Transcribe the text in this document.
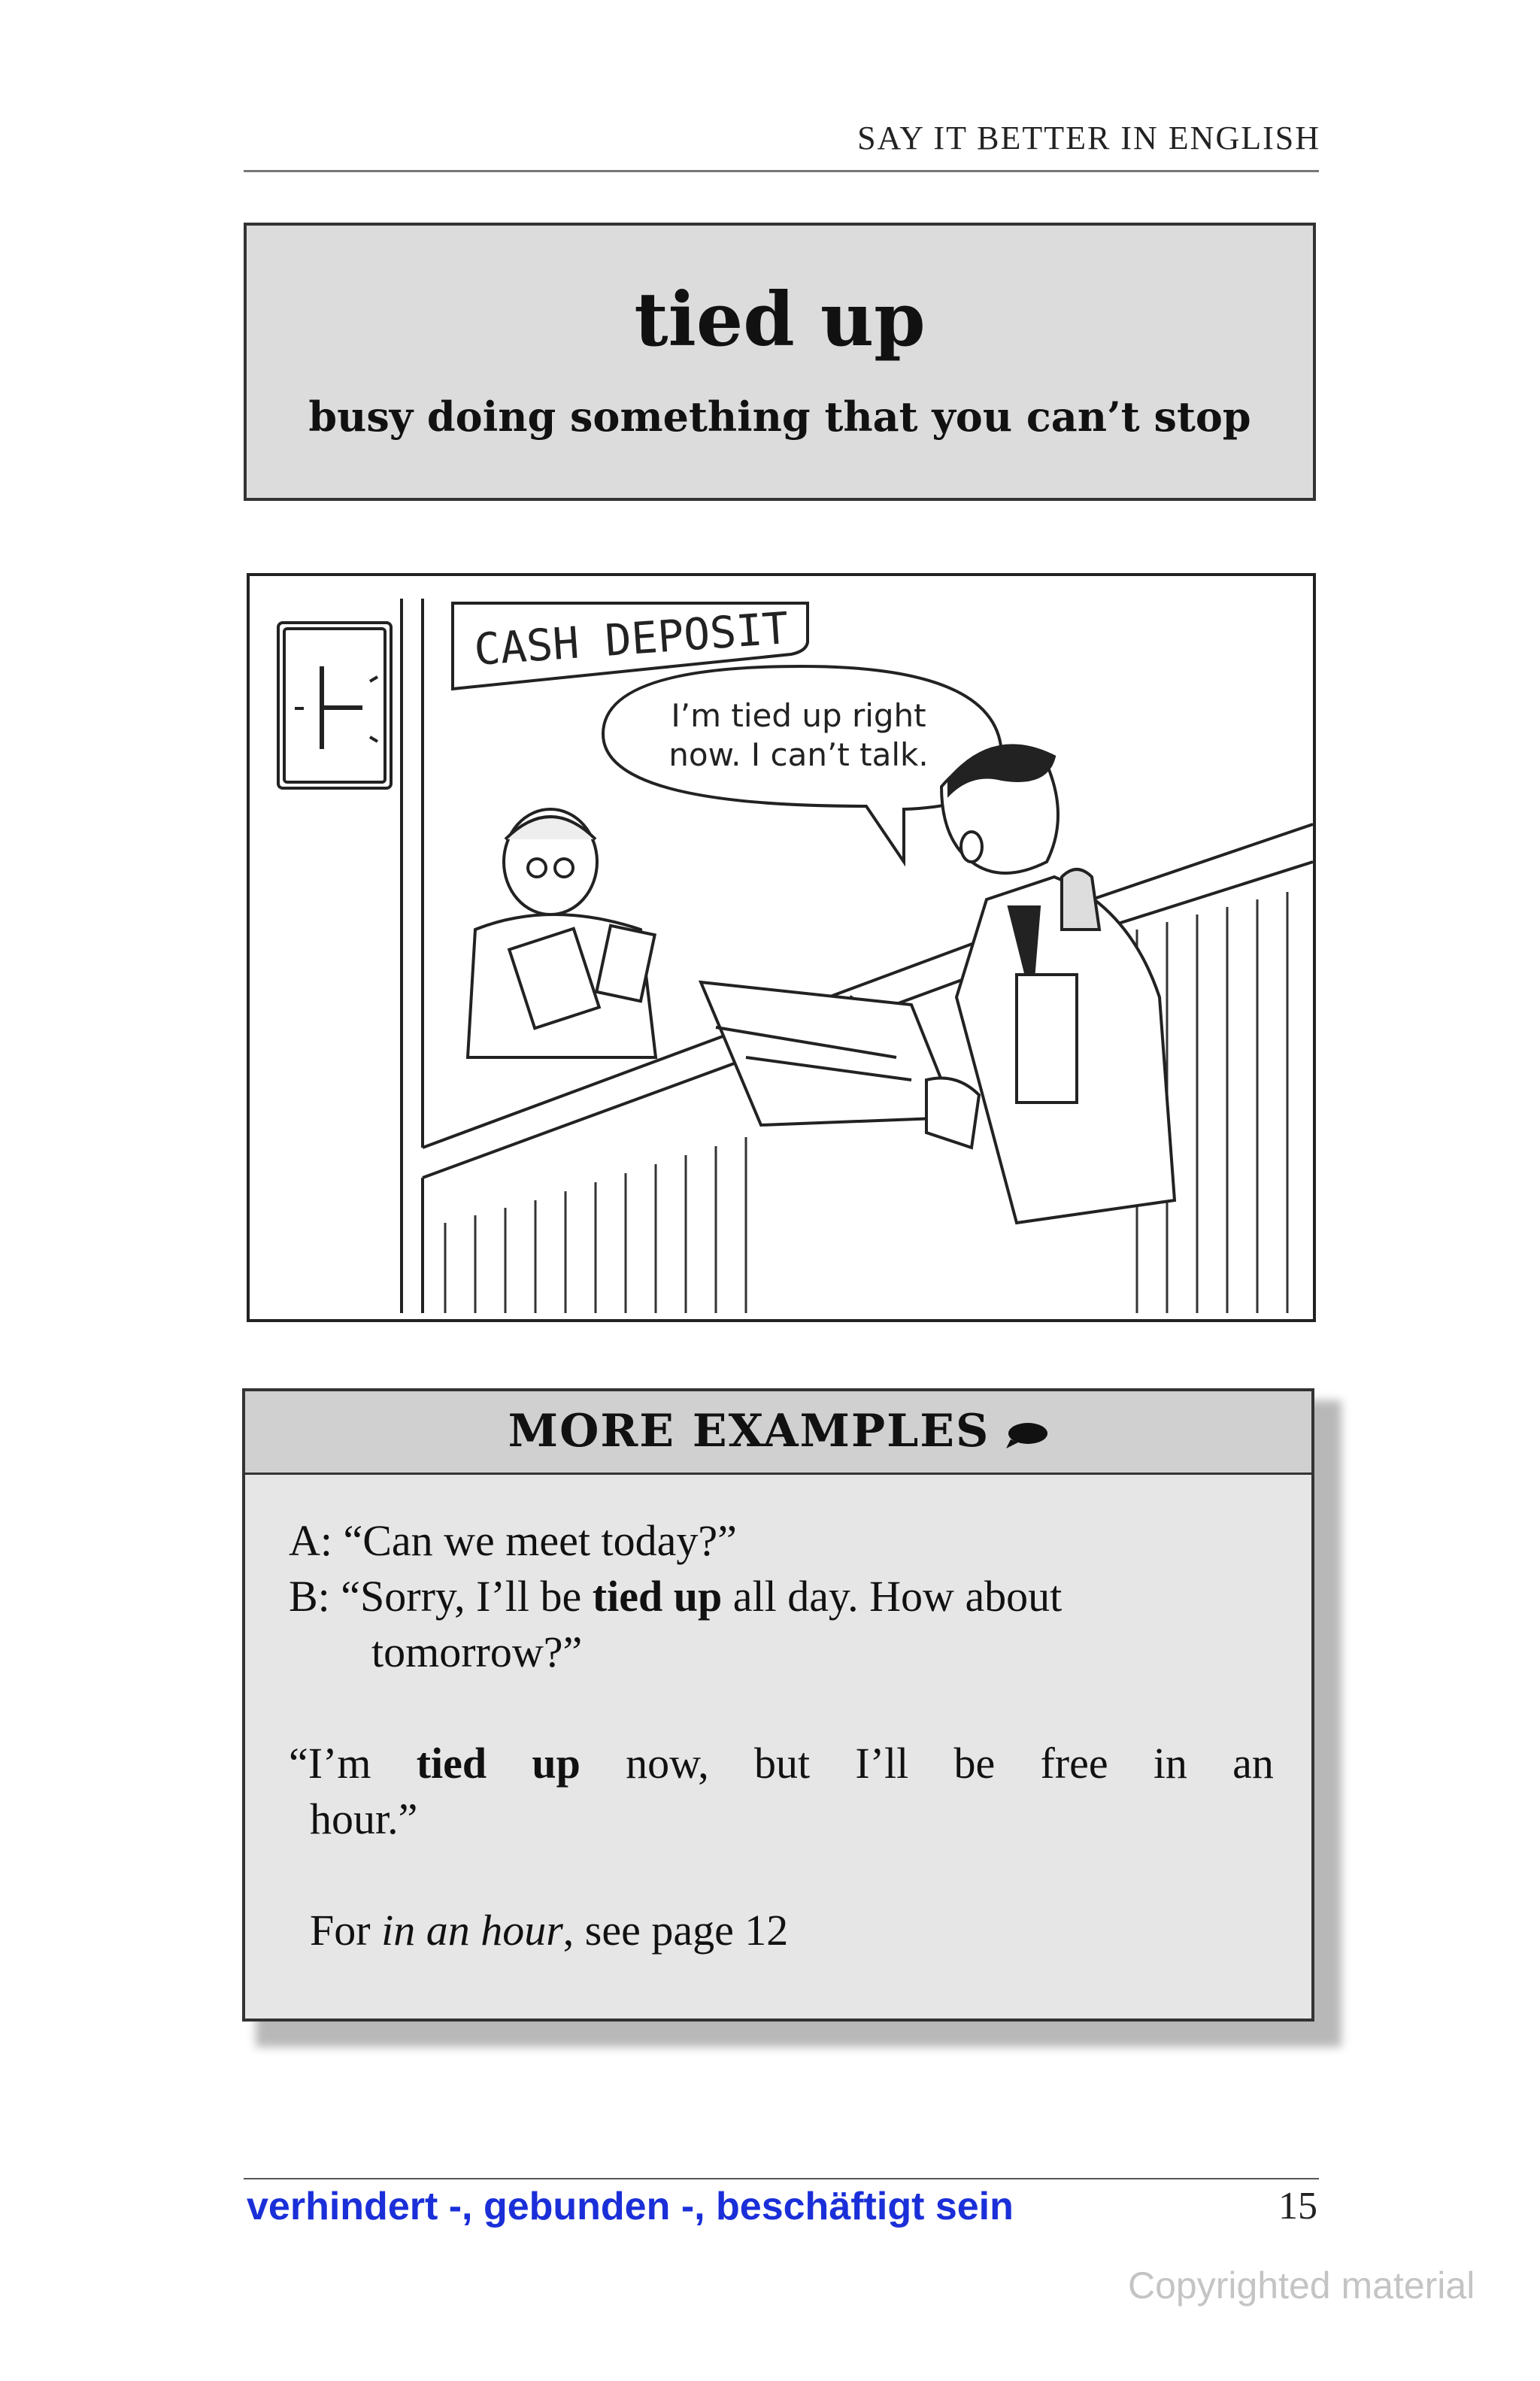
SAY IT BETTER IN ENGLISH
tied up
busy doing something that you can’t stop
CASH DEPOSIT
I’m tied up right
now. I can’t talk.
MORE EXAMPLES

A: “Can we meet today?”

B: “Sorry, I’ll be tied up all day. How about

tomorrow?”

“I’m tied up now, but I’ll be free in an

hour.”

For in an hour, see page 12

verhindert -, gebunden -, beschäftigt sein	15
Copyrighted material
